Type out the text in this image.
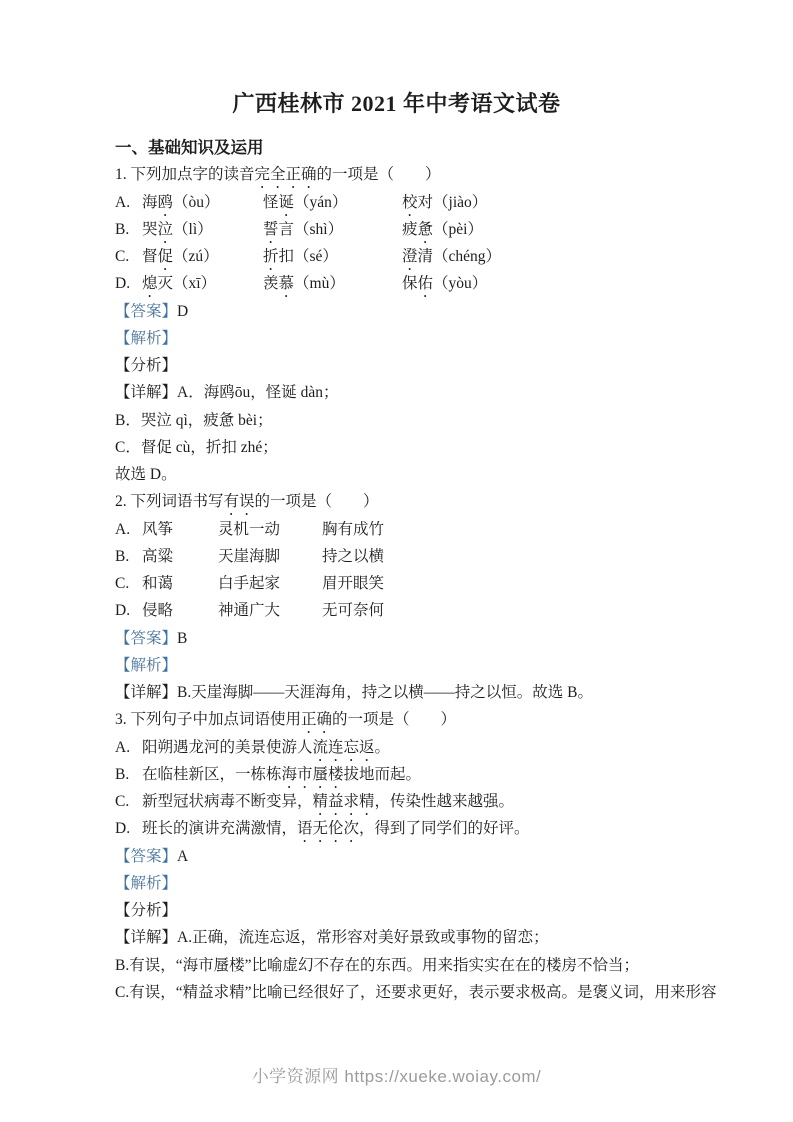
广西桂林市 2021 年中考语文试卷

一、基础知识及运用

1. 下列加点字的读音完全正确的一项是（　　）

A. 海鸥（òu）	怪诞（yán）	校对（jiào）

B. 哭泣（lì）	誓言（shì）	疲惫（pèi）

C. 督促（zú）	折扣（sé）	澄清（chéng）

D. 熄灭（xī）	羡慕（mù）	保佑（yòu）

【答案】D

【解析】

【分析】

【详解】A．海鸥ōu，怪诞 dàn；

B．哭泣 qì，疲惫 bèi；

C．督促 cù，折扣 zhé；

故选 D。

2. 下列词语书写有误的一项是（　　）

A. 风筝	灵机一动	胸有成竹

B. 高粱	天崖海脚	持之以横

C. 和蔼	白手起家	眉开眼笑

D. 侵略	神通广大	无可奈何

【答案】B

【解析】

【详解】B.天崖海脚——天涯海角，持之以横——持之以恒。故选 B。

3. 下列句子中加点词语使用正确的一项是（　　）

A. 阳朔遇龙河的美景使游人流连忘返。

B. 在临桂新区，一栋栋海市蜃楼拔地而起。

C. 新型冠状病毒不断变异，精益求精，传染性越来越强。

D. 班长的演讲充满激情，语无伦次，得到了同学们的好评。

【答案】A

【解析】

【分析】

【详解】A.正确，流连忘返，常形容对美好景致或事物的留恋；

B.有误，“海市蜃楼”比喻虚幻不存在的东西。用来指实实在在的楼房不恰当；

C.有误，“精益求精”比喻已经很好了，还要求更好，表示要求极高。是褒义词，用来形容

小学资源网 https://xueke.woiay.com/
